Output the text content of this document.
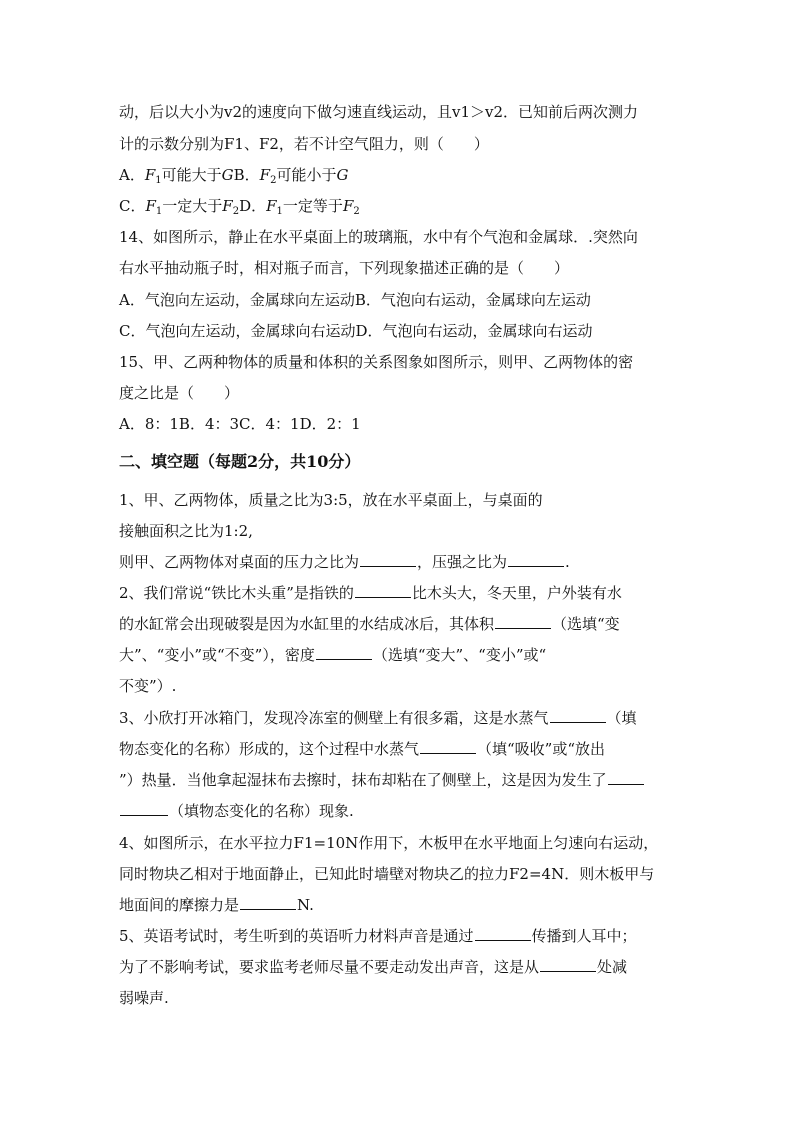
动，后以大小为v2的速度向下做匀速直线运动，且v1＞v2．已知前后两次测力
计的示数分别为F1、F2，若不计空气阻力，则（　　）
A．$F_1$可能大于GB．$F_2$可能小于G
C．$F_1$一定大于$F_2D$．$F_1$一定等于$F_2$
14、如图所示，静止在水平桌面上的玻璃瓶，水中有个气泡和金属球．.突然向
右水平抽动瓶子时，相对瓶子而言，下列现象描述正确的是（　　）
A．气泡向左运动，金属球向左运动B．气泡向右运动，金属球向左运动
C．气泡向左运动，金属球向右运动D．气泡向右运动，金属球向右运动
15、甲、乙两种物体的质量和体积的关系图象如图所示，则甲、乙两物体的密
度之比是（　　）
A．8：1B．4：3C．4：1D．2：1
二、填空题（每题2分，共10分）
1、甲、乙两物体，质量之比为3:5，放在水平桌面上，与桌面的
接触面积之比为1:2,
则甲、乙两物体对桌面的压力之比为	，压强之比为	.
2、我们常说“铁比木头重”是指铁的	比木头大，冬天里，户外装有水
的水缸常会出现破裂是因为水缸里的水结成冰后，其体积	（选填“变
大”、“变小”或“不变”），密度	（选填“变大”、“变小”或“
不变”）.
3、小欣打开冰箱门，发现冷冻室的侧壁上有很多霜，这是水蒸气	（填
物态变化的名称）形成的，这个过程中水蒸气	（填“吸收”或“放出
”）热量．当他拿起湿抹布去擦时，抹布却粘在了侧壁上，这是因为发生了
（填物态变化的名称）现象.
4、如图所示，在水平拉力F1=10N作用下，木板甲在水平地面上匀速向右运动，
同时物块乙相对于地面静止，已知此时墙壁对物块乙的拉力F2=4N．则木板甲与
地面间的摩擦力是	N.
5、英语考试时，考生听到的英语听力材料声音是通过	传播到人耳中；
为了不影响考试，要求监考老师尽量不要走动发出声音，这是从	处减
弱噪声.
